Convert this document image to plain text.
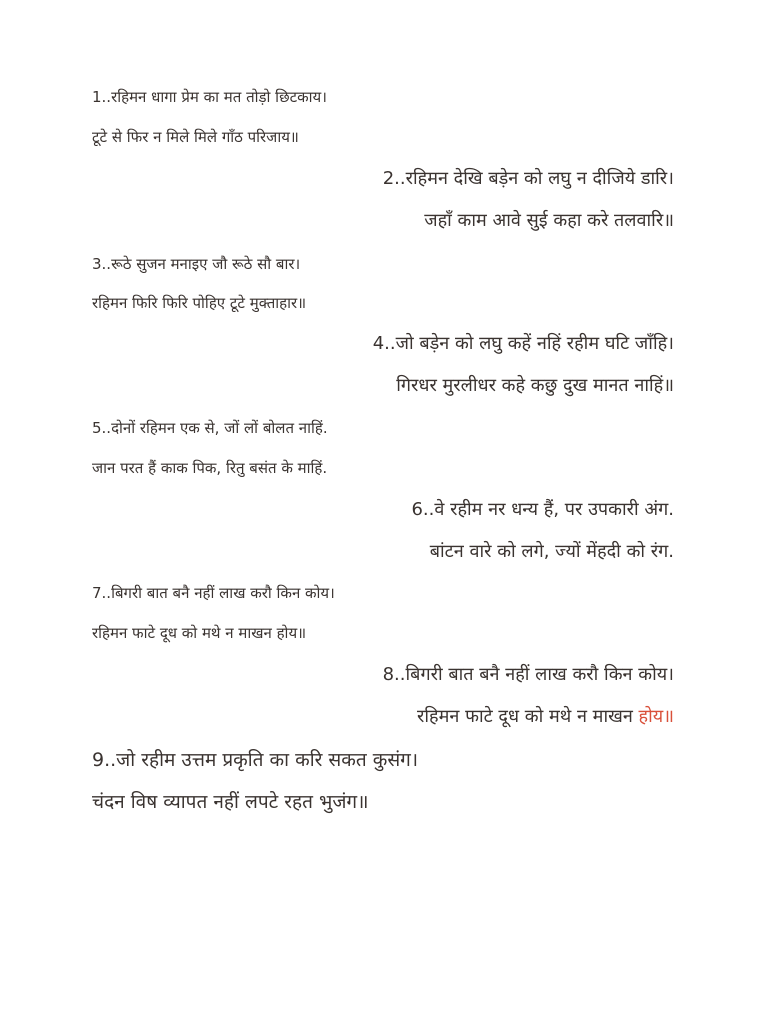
1..रहिमन धागा प्रेम का मत तोड़ो छिटकाय।
टूटे से फिर न मिले मिले गाँठ परिजाय॥
2..रहिमन देखि बड़ेन को लघु न दीजिये डारि।
जहाँ काम आवे सुई कहा करे तलवारि॥
3..रूठे सुजन मनाइए जौ रूठे सौ बार।
रहिमन फिरि फिरि पोहिए टूटे मुक्ताहार॥
4..जो बड़ेन को लघु कहें नहिं रहीम घटि जाँहि।
गिरधर मुरलीधर कहे कछु दुख मानत नाहिं॥
5..दोनों रहिमन एक से, जों लों बोलत नाहिं.
जान परत हैं काक पिक, रितु बसंत के माहिं.
6..वे रहीम नर धन्य हैं, पर उपकारी अंग.
बांटन वारे को लगे, ज्यों मेंहदी को रंग.
7..बिगरी बात बनै नहीं लाख करौ किन कोय।
रहिमन फाटे दूध को मथे न माखन होय॥
8..बिगरी बात बनै नहीं लाख करौ किन कोय।
रहिमन फाटे दूध को मथे न माखन होय॥
9..जो रहीम उत्तम प्रकृति का करि सकत कुसंग।
चंदन विष व्यापत नहीं लपटे रहत भुजंग॥
